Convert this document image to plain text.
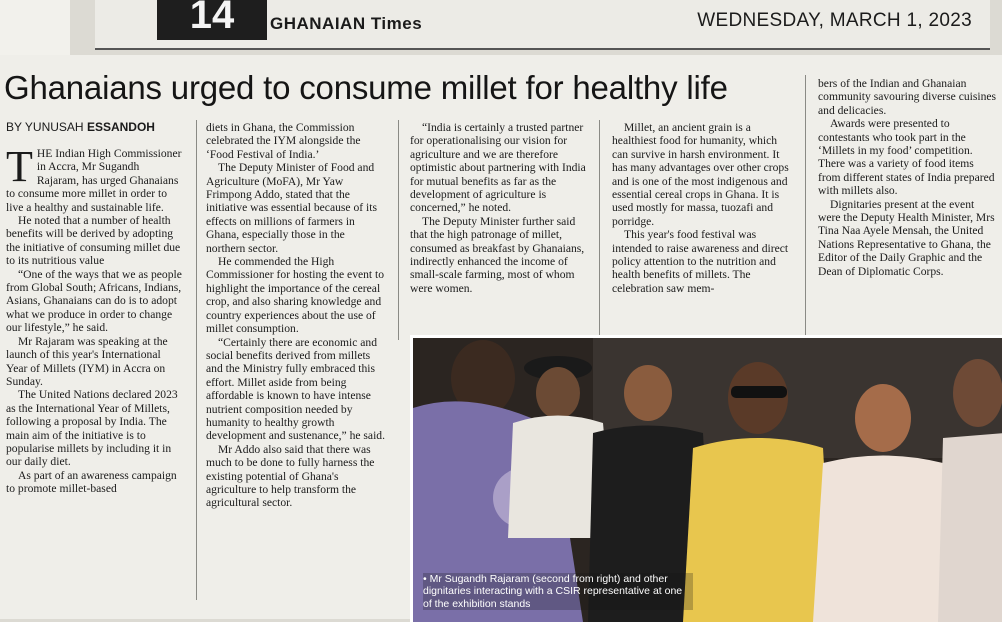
14	GHANAIAN Times	WEDNESDAY, MARCH 1, 2023
Ghanaians urged to consume millet for healthy life
BY YUNUSAH ESSANDOH

THE Indian High Commissioner in Accra, Mr Sugandh Rajaram, has urged Ghanaians to consume more millet in order to live a healthy and sustainable life.

He noted that a number of health benefits will be derived by adopting the initiative of consuming millet due to its nutritious value

“One of the ways that we as people from Global South; Africans, Indians, Asians, Ghanaians can do is to adopt what we produce in order to change our lifestyle,” he said.

Mr Rajaram was speaking at the launch of this year's International Year of Millets (IYM) in Accra on Sunday.

The United Nations declared 2023 as the International Year of Millets, following a proposal by India. The main aim of the initiative is to popularise millets by including it in our daily diet.

As part of an awareness campaign to promote millet-based

diets in Ghana, the Commission celebrated the IYM alongside the ‘Food Festival of India.’

The Deputy Minister of Food and Agriculture (MoFA), Mr Yaw Frimpong Addo, stated that the initiative was essential because of its effects on millions of farmers in Ghana, especially those in the northern sector.

He commended the High Commissioner for hosting the event to highlight the importance of the cereal crop, and also sharing knowledge and country experiences about the use of millet consumption.

“Certainly there are economic and social benefits derived from millets and the Ministry fully embraced this effort. Millet aside from being affordable is known to have intense nutrient composition needed by humanity to healthy growth development and sustenance,” he said.

Mr Addo also said that there was much to be done to fully harness the existing potential of Ghana's agriculture to help transform the agricultural sector.

“India is certainly a trusted partner for operationalising our vision for agriculture and we are therefore optimistic about partnering with India for mutual benefits as far as the development of agriculture is concerned,” he noted.

The Deputy Minister further said that the high patronage of millet, consumed as breakfast by Ghanaians, indirectly enhanced the income of small-scale farming, most of whom were women.

Millet, an ancient grain is a healthiest food for humanity, which can survive in harsh environment. It has many advantages over other crops and is one of the most indigenous and essential cereal crops in Ghana. It is used mostly for massa, tuozafi and porridge.

This year's food festival was intended to raise awareness and direct policy attention to the nutrition and health benefits of millets. The celebration saw mem-

bers of the Indian and Ghanaian community savouring diverse cuisines and delicacies.

Awards were presented to contestants who took part in the ‘Millets in my food’ competition. There was a variety of food items from different states of India prepared with millets also.

Dignitaries present at the event were the Deputy Health Minister, Mrs Tina Naa Ayele Mensah, the United Nations Representative to Ghana, the Editor of the Daily Graphic and the Dean of Diplomatic Corps.

• Mr Sugandh Rajaram (second from right) and other dignitaries interacting with a CSIR representative at one of the exhibition stands
